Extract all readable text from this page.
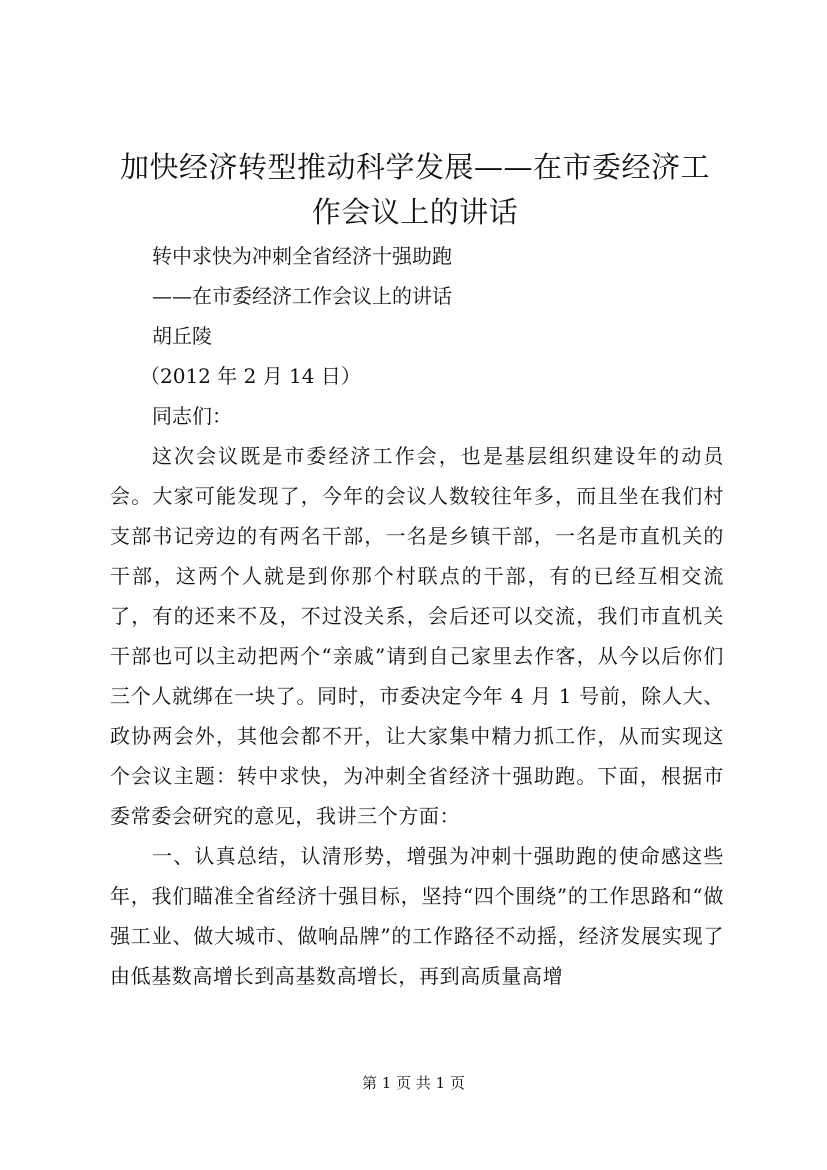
加快经济转型推动科学发展——在市委经济工
作会议上的讲话

转中求快为冲刺全省经济十强助跑

——在市委经济工作会议上的讲话

胡丘陵

（2012 年 2 月 14 日）

同志们：

这次会议既是市委经济工作会，也是基层组织建设年的动员会。大家可能发现了，今年的会议人数较往年多，而且坐在我们村支部书记旁边的有两名干部，一名是乡镇干部，一名是市直机关的干部，这两个人就是到你那个村联点的干部，有的已经互相交流了，有的还来不及，不过没关系，会后还可以交流，我们市直机关干部也可以主动把两个“亲戚”请到自己家里去作客，从今以后你们三个人就绑在一块了。同时，市委决定今年 4 月 1 号前，除人大、政协两会外，其他会都不开，让大家集中精力抓工作，从而实现这个会议主题：转中求快，为冲刺全省经济十强助跑。下面，根据市委常委会研究的意见，我讲三个方面：

一、认真总结，认清形势，增强为冲刺十强助跑的使命感这些年，我们瞄准全省经济十强目标，坚持“四个围绕”的工作思路和“做强工业、做大城市、做响品牌”的工作路径不动摇，经济发展实现了由低基数高增长到高基数高增长，再到高质量高增

第 1 页 共 1 页
